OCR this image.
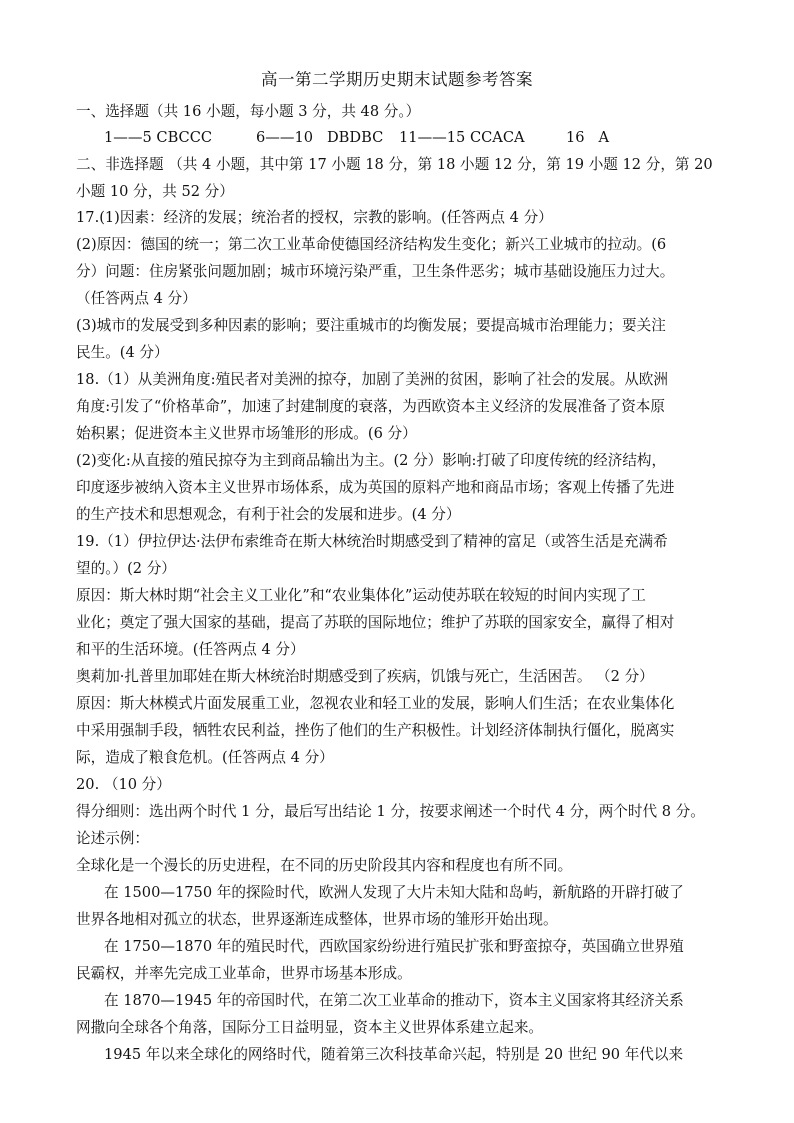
高一第二学期历史期末试题参考答案
一、选择题（共 16 小题，每小题 3 分，共 48 分。）

1——5 CBCCC

	6——10   DBDBC

11——15 CCACA

	16   A

二、非选择题 （共 4 小题，其中第 17 小题 18 分，第 18 小题 12 分，第 19 小题 12 分，第 20
小题 10 分，共 52 分）
17.(1)因素：经济的发展；统治者的授权，宗教的影响。(任答两点 4 分）
(2)原因：德国的统一；第二次工业革命使德国经济结构发生变化；新兴工业城市的拉动。(6
分）问题：住房紧张问题加剧；城市环境污染严重，卫生条件恶劣；城市基础设施压力过大。
（任答两点 4 分）
(3)城市的发展受到多种因素的影响；要注重城市的均衡发展；要提高城市治理能力；要关注
民生。(4 分）
18.（1）从美洲角度:殖民者对美洲的掠夺，加剧了美洲的贫困，影响了社会的发展。从欧洲
角度:引发了“价格革命”，加速了封建制度的衰落，为西欧资本主义经济的发展准备了资本原
始积累；促进资本主义世界市场雏形的形成。(6 分）
(2)变化:从直接的殖民掠夺为主到商品输出为主。(2 分）影响:打破了印度传统的经济结构，
印度逐步被纳入资本主义世界市场体系，成为英国的原料产地和商品市场；客观上传播了先进
的生产技术和思想观念，有利于社会的发展和进步。(4 分）
19.（1）伊拉伊达·法伊布索维奇在斯大林统治时期感受到了精神的富足（或答生活是充满希
望的。）(2 分）
原因：斯大林时期“社会主义工业化”和“农业集体化”运动使苏联在较短的时间内实现了工
业化；奠定了强大国家的基础，提高了苏联的国际地位；维护了苏联的国家安全，赢得了相对
和平的生活环境。(任答两点 4 分）
奥莉加·扎普里加耶娃在斯大林统治时期感受到了疾病，饥饿与死亡，生活困苦。 （2 分）
原因：斯大林模式片面发展重工业，忽视农业和轻工业的发展，影响人们生活；在农业集体化
中采用强制手段，牺牲农民利益，挫伤了他们的生产积极性。计划经济体制执行僵化，脱离实
际，造成了粮食危机。(任答两点 4 分）
20. （10 分）
得分细则：选出两个时代 1 分，最后写出结论 1 分，按要求阐述一个时代 4 分，两个时代 8 分。
论述示例：
全球化是一个漫长的历史进程，在不同的历史阶段其内容和程度也有所不同。
在 1500—1750 年的探险时代，欧洲人发现了大片未知大陆和岛屿，新航路的开辟打破了
世界各地相对孤立的状态，世界逐渐连成整体，世界市场的雏形开始出现。
在 1750—1870 年的殖民时代，西欧国家纷纷进行殖民扩张和野蛮掠夺，英国确立世界殖
民霸权，并率先完成工业革命，世界市场基本形成。
在 1870—1945 年的帝国时代，在第二次工业革命的推动下，资本主义国家将其经济关系
网撒向全球各个角落，国际分工日益明显，资本主义世界体系建立起来。
1945 年以来全球化的网络时代，随着第三次科技革命兴起，特别是 20 世纪 90 年代以来
